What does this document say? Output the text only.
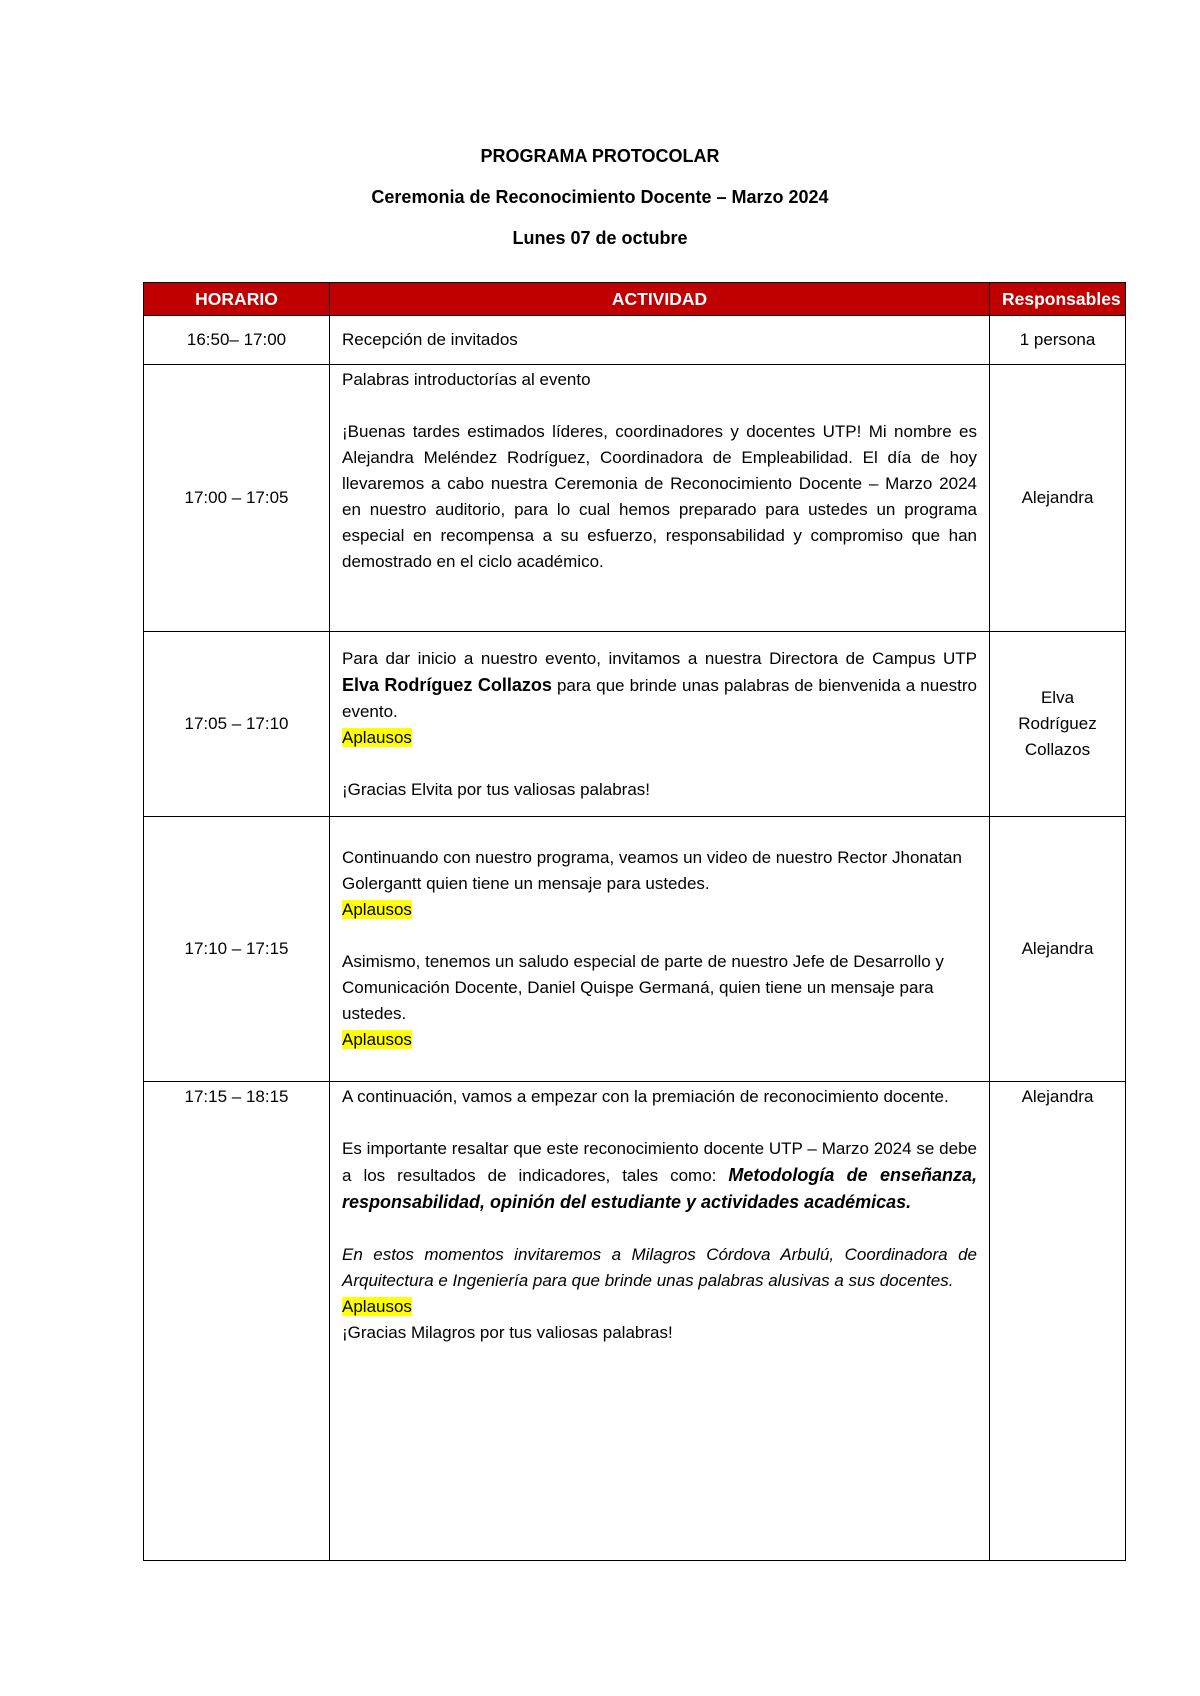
PROGRAMA PROTOCOLAR
Ceremonia de Reconocimiento Docente – Marzo 2024
Lunes 07 de octubre
HORARIO	ACTIVIDAD	Responsables
16:50– 17:00	Recepción de invitados	1 persona
17:00 – 17:05	Palabras introductorías al evento

¡Buenas tardes estimados líderes, coordinadores y docentes UTP! Mi nombre es Alejandra Meléndez Rodríguez, Coordinadora de Empleabilidad. El día de hoy llevaremos a cabo nuestra Ceremonia de Reconocimiento Docente – Marzo 2024 en nuestro auditorio, para lo cual hemos preparado para ustedes un programa especial en recompensa a su esfuerzo, responsabilidad y compromiso que han demostrado en el ciclo académico.	Alejandra
17:05 – 17:10	Para dar inicio a nuestro evento, invitamos a nuestra Directora de Campus UTP Elva Rodríguez Collazos para que brinde unas palabras de bienvenida a nuestro evento.

Aplausos

¡Gracias Elvita por tus valiosas palabras!	Elva Rodríguez Collazos
17:10 – 17:15	Continuando con nuestro programa, veamos un video de nuestro Rector Jhonatan Golergantt quien tiene un mensaje para ustedes.

Aplausos

Asimismo, tenemos un saludo especial de parte de nuestro Jefe de Desarrollo y Comunicación Docente, Daniel Quispe Germaná, quien tiene un mensaje para ustedes.

Aplausos	Alejandra
17:15 – 18:15	A continuación, vamos a empezar con la premiación de reconocimiento docente.

Es importante resaltar que este reconocimiento docente UTP – Marzo 2024 se debe a los resultados de indicadores, tales como: Metodología de enseñanza, responsabilidad, opinión del estudiante y actividades académicas.

En estos momentos invitaremos a Milagros Córdova Arbulú, Coordinadora de Arquitectura e Ingeniería para que brinde unas palabras alusivas a sus docentes.

Aplausos

¡Gracias Milagros por tus valiosas palabras!	Alejandra
